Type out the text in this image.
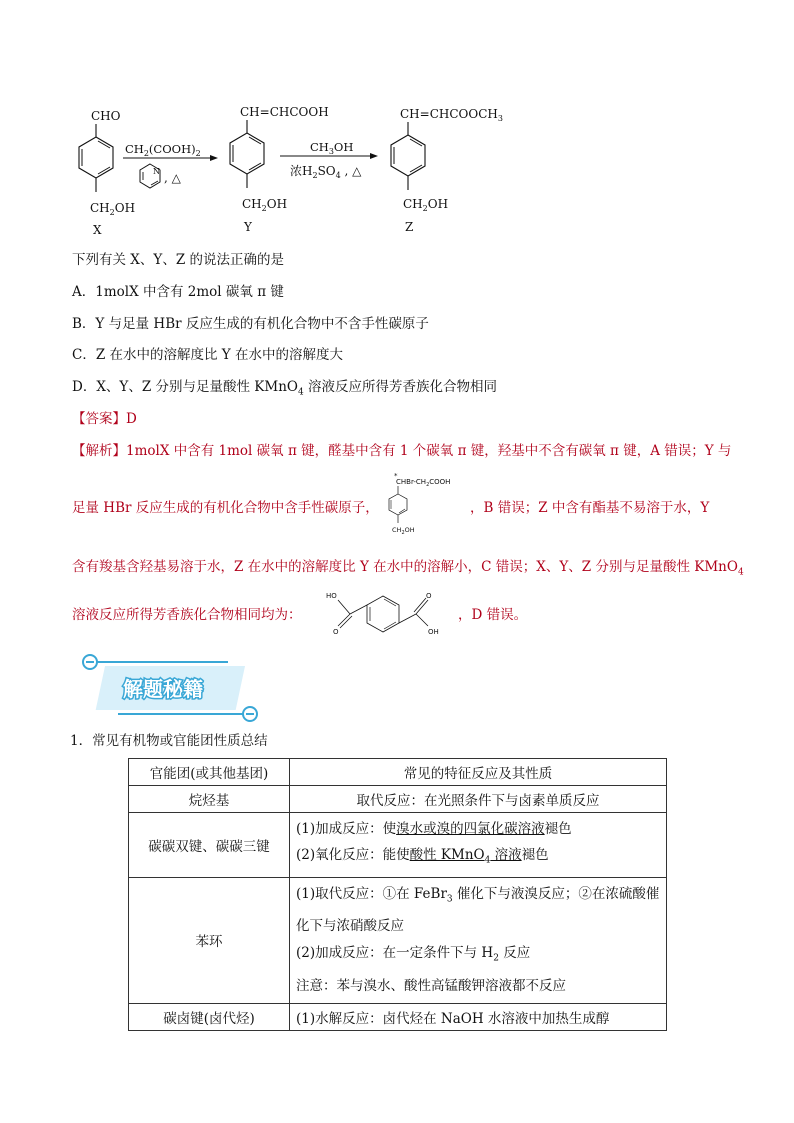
CHO
$CH_2OH$
X
$CH_2(COOH)_2$
N , △
CH=CHCOOH
$CH_2OH$
Y
$CH_3OH$
浓$H_2SO_4$ , △
$CH=CHCOOCH_3$
$CH_2OH$
Z
下列有关 X、Y、Z 的说法正确的是
A．1molX 中含有 2mol 碳氧 π 键
B．Y 与足量 HBr 反应生成的有机化合物中不含手性碳原子
C．Z 在水中的溶解度比 Y 在水中的溶解度大
D．X、Y、Z 分别与足量酸性 KMnO$_4$ 溶液反应所得芳香族化合物相同
【答案】D
【解析】1molX 中含有 1mol 碳氧 π 键，醛基中含有 1 个碳氧 π 键，羟基中不含有碳氧 π 键，A 错误；Y 与
足量 HBr 反应生成的有机化合物中含手性碳原子，
*
CHBr-$CH_2COOH$
$CH_2OH$
，B 错误；Z 中含有酯基不易溶于水，Y
含有羧基含羟基易溶于水，Z 在水中的溶解度比 Y 在水中的溶解小，C 错误；X、Y、Z 分别与足量酸性 KMnO$_4$
溶液反应所得芳香族化合物相同均为：
HO
O
O
OH
，D 错误。
解题秘籍
1．常见有机物或官能团性质总结
官能团(或其他基团)	常见的特征反应及其性质
烷烃基	取代反应：在光照条件下与卤素单质反应
碳碳双键、碳碳三键	(1)加成反应：使溴水或溴的四氯化碳溶液褪色
(2)氧化反应：能使酸性 KMnO$_4$ 溶液褪色

苯环	(1)取代反应：①在 FeBr$_3$ 催化下与液溴反应；②在浓硫酸催
化下与浓硝酸反应
(2)加成反应：在一定条件下与 $H_2$ 反应
注意：苯与溴水、酸性高锰酸钾溶液都不反应

碳卤键(卤代烃)	(1)水解反应：卤代烃在 NaOH 水溶液中加热生成醇
